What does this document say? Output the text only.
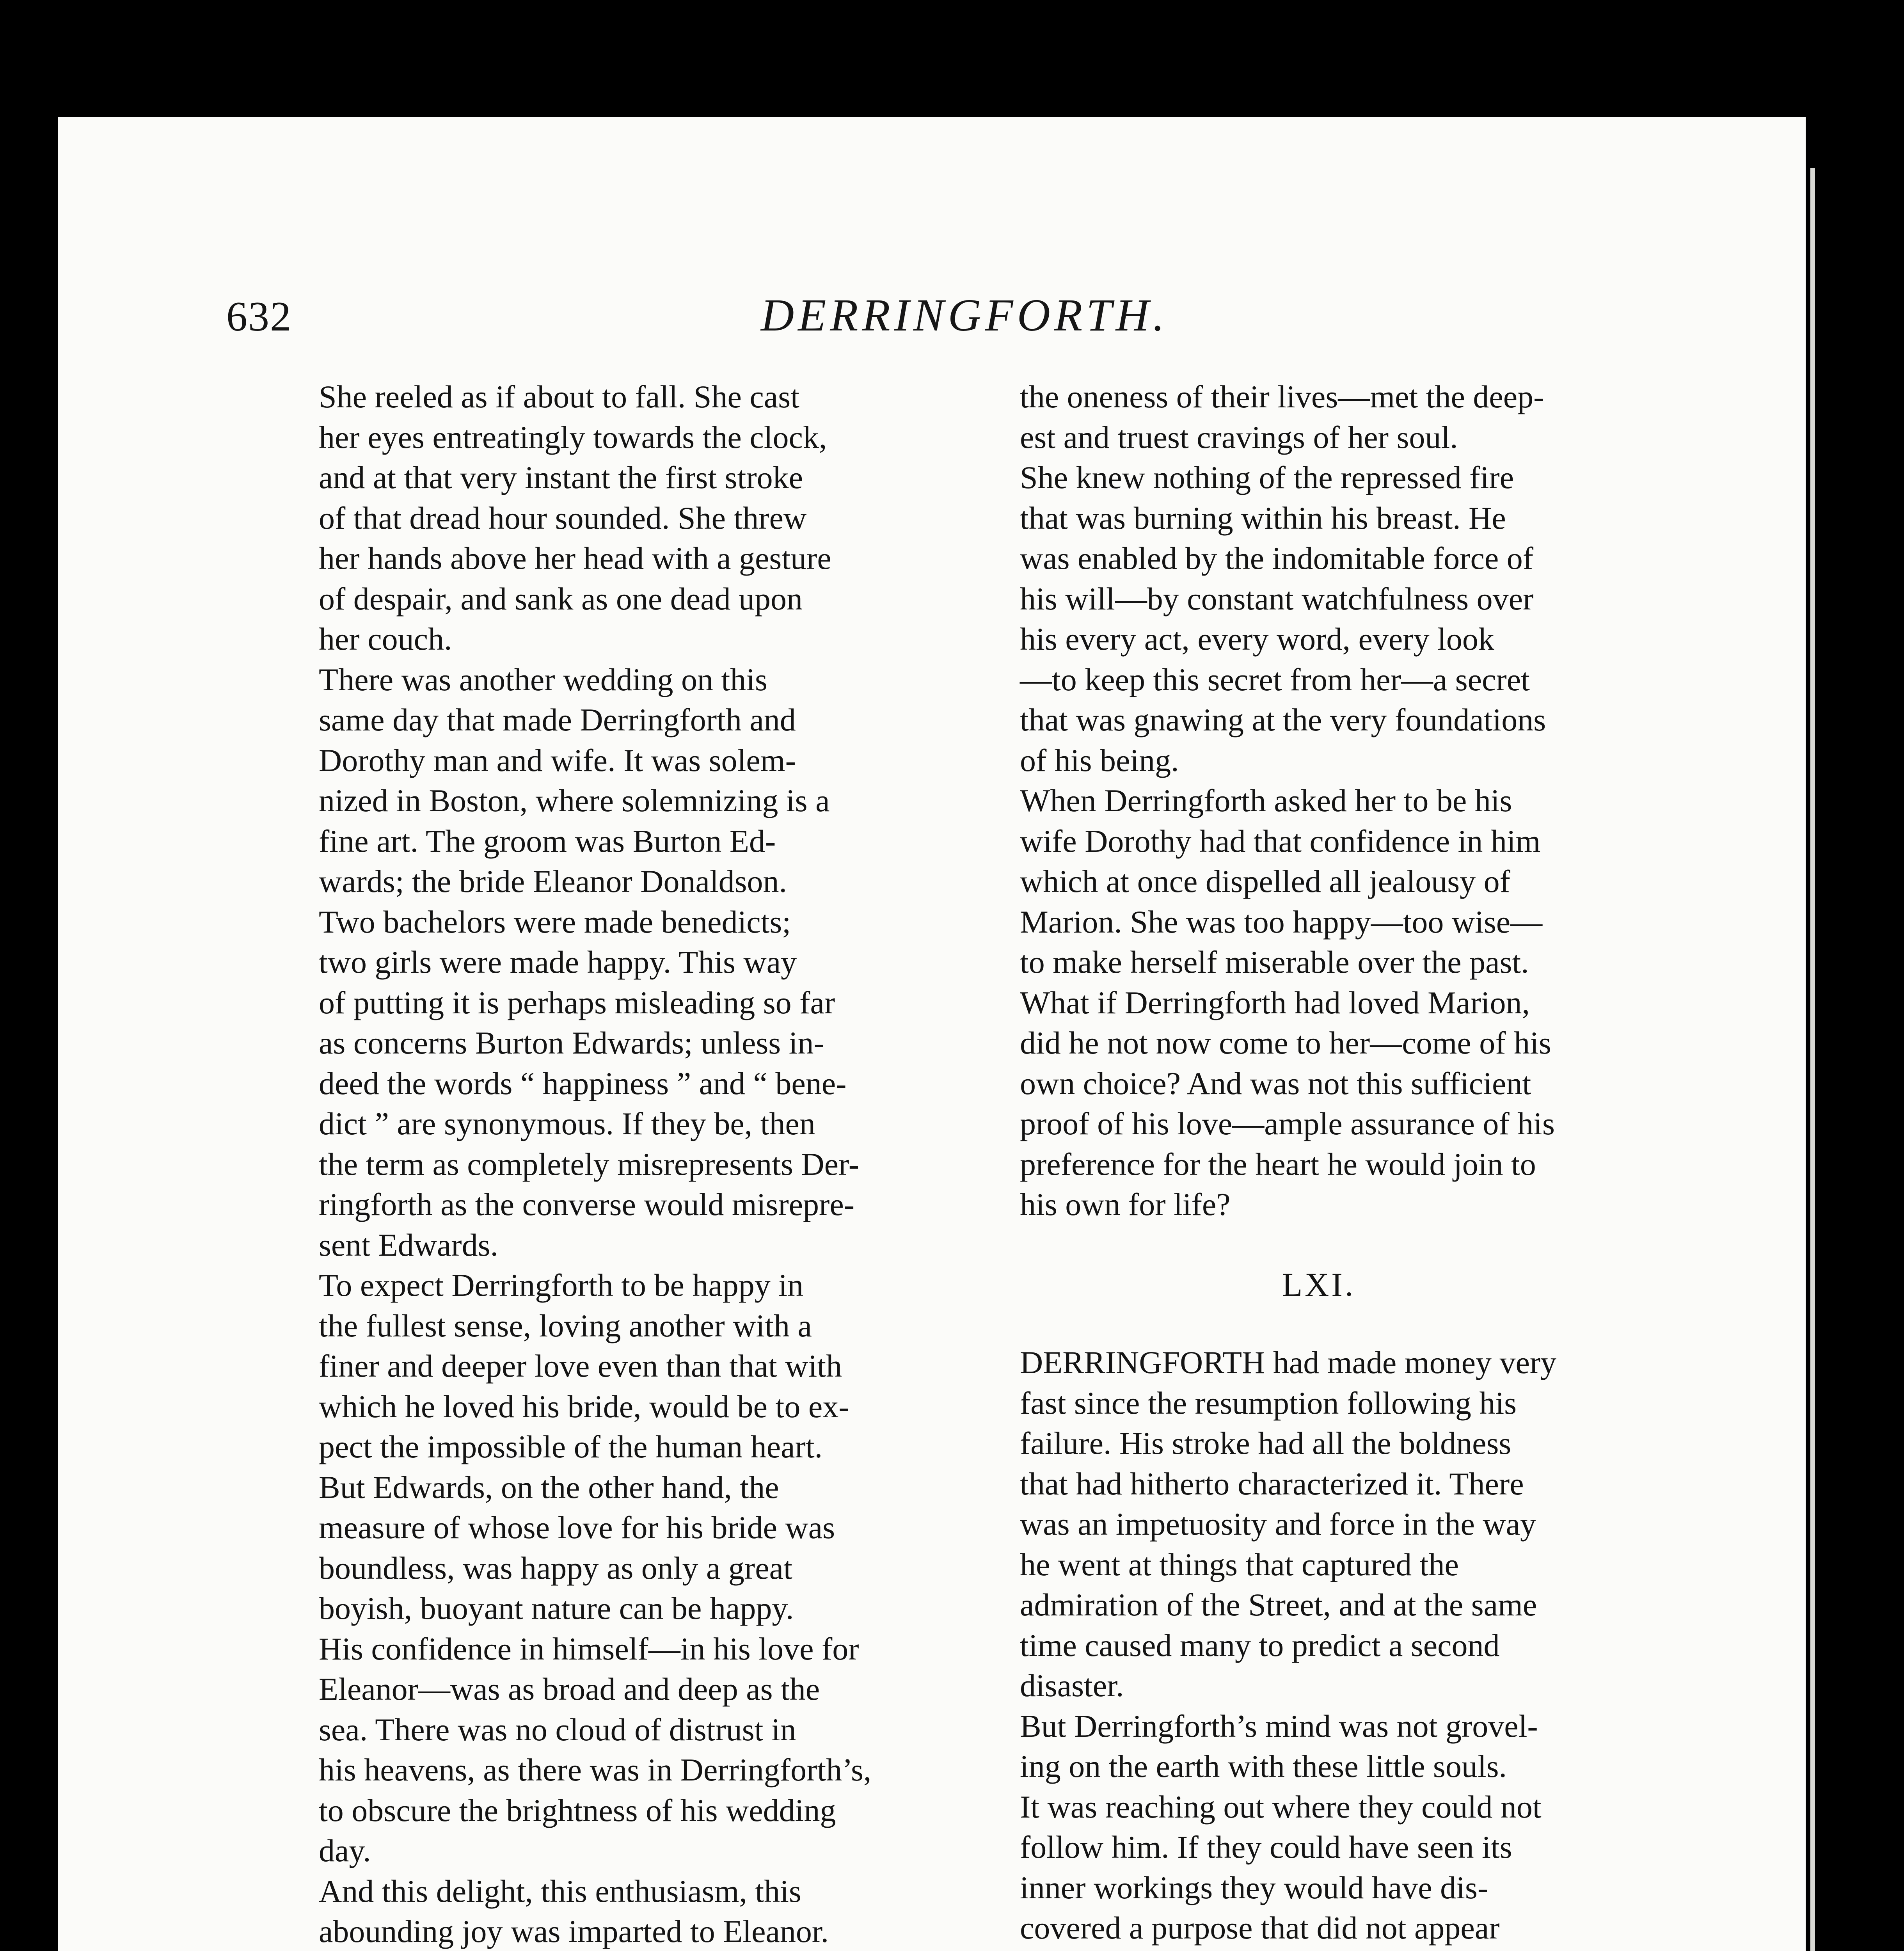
632	DERRINGFORTH.
She reeled as if about to fall. She cast
her eyes entreatingly towards the clock,
and at that very instant the first stroke
of that dread hour sounded. She threw
her hands above her head with a gesture
of despair, and sank as one dead upon
her couch.
There was another wedding on this
same day that made Derringforth and
Dorothy man and wife. It was solem-
nized in Boston, where solemnizing is a
fine art. The groom was Burton Ed-
wards; the bride Eleanor Donaldson.
Two bachelors were made benedicts;
two girls were made happy. This way
of putting it is perhaps misleading so far
as concerns Burton Edwards; unless in-
deed the words “ happiness ” and “ bene-
dict ” are synonymous. If they be, then
the term as completely misrepresents Der-
ringforth as the converse would misrepre-
sent Edwards.
To expect Derringforth to be happy in
the fullest sense, loving another with a
finer and deeper love even than that with
which he loved his bride, would be to ex-
pect the impossible of the human heart.
But Edwards, on the other hand, the
measure of whose love for his bride was
boundless, was happy as only a great
boyish, buoyant nature can be happy.
His confidence in himself—in his love for
Eleanor—was as broad and deep as the
sea. There was no cloud of distrust in
his heavens, as there was in Derringforth’s,
to obscure the brightness of his wedding
day.
And this delight, this enthusiasm, this
abounding joy was imparted to Eleanor.
the oneness of their lives—met the deep-
est and truest cravings of her soul.
She knew nothing of the repressed fire
that was burning within his breast. He
was enabled by the indomitable force of
his will—by constant watchfulness over
his every act, every word, every look
—to keep this secret from her—a secret
that was gnawing at the very foundations
of his being.
When Derringforth asked her to be his
wife Dorothy had that confidence in him
which at once dispelled all jealousy of
Marion. She was too happy—too wise—
to make herself miserable over the past.
What if Derringforth had loved Marion,
did he not now come to her—come of his
own choice? And was not this sufficient
proof of his love—ample assurance of his
preference for the heart he would join to
his own for life?
LXI.
DERRINGFORTH had made money very
fast since the resumption following his
failure. His stroke had all the boldness
that had hitherto characterized it. There
was an impetuosity and force in the way
he went at things that captured the
admiration of the Street, and at the same
time caused many to predict a second
disaster.
But Derringforth’s mind was not grovel-
ing on the earth with these little souls.
It was reaching out where they could not
follow him. If they could have seen its
inner workings they would have dis-
covered a purpose that did not appear
